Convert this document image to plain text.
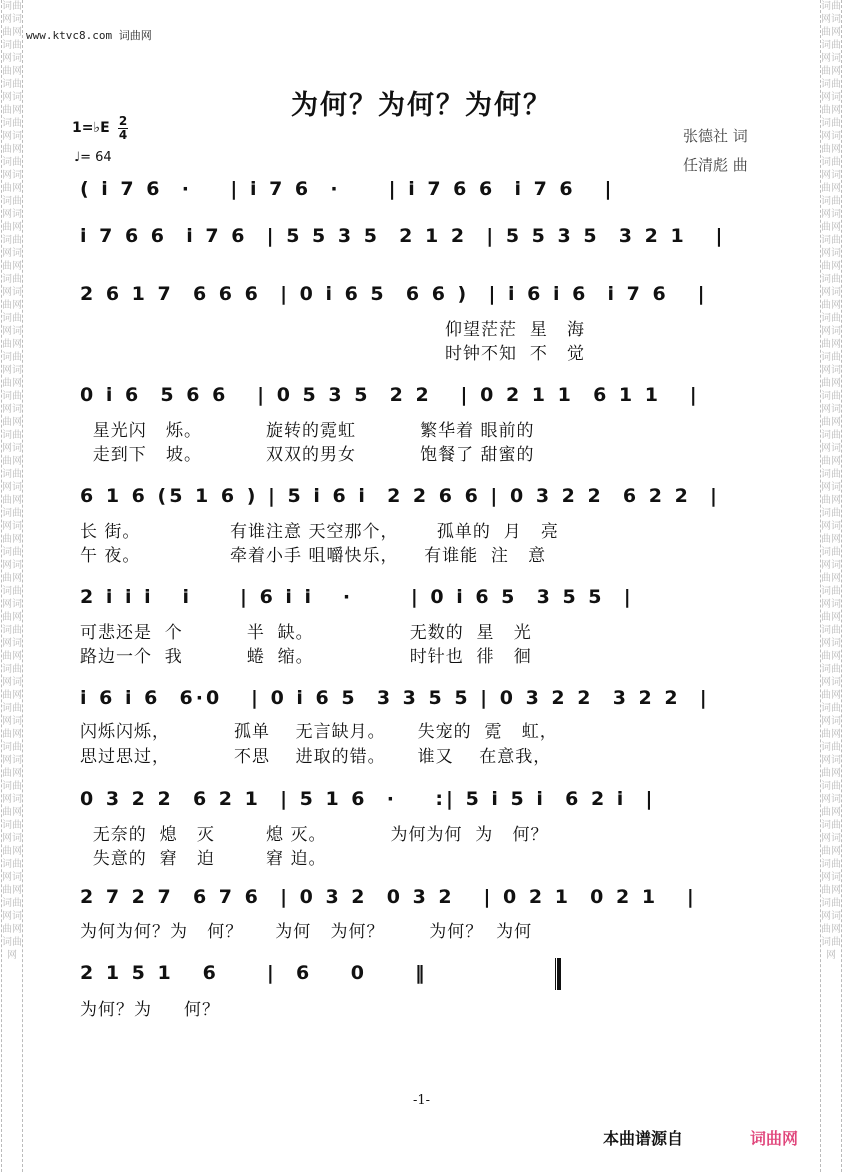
词曲网词曲网词曲网词曲网词曲网词曲网词曲网词曲网词曲网词曲网词曲网词曲网词曲网词曲网词曲网词曲网词曲网词曲网词曲网词曲网词曲网词曲网词曲网词曲网词曲网词曲网词曲网词曲网词曲网词曲网词曲网词曲网词曲网词曲网词曲网词曲网词曲网词曲网词曲网词曲网词曲网词曲网词曲网词曲网词曲网词曲网词曲网词曲网词曲网
词曲网词曲网词曲网词曲网词曲网词曲网词曲网词曲网词曲网词曲网词曲网词曲网词曲网词曲网词曲网词曲网词曲网词曲网词曲网词曲网词曲网词曲网词曲网词曲网词曲网词曲网词曲网词曲网词曲网词曲网词曲网词曲网词曲网词曲网词曲网词曲网词曲网词曲网词曲网词曲网词曲网词曲网词曲网词曲网词曲网词曲网词曲网词曲网词曲网
www.ktvc8.com 词曲网
为何？为何？为何？
张德社 词
任清彪 曲
1=♭E 2
4
♩= 64
( i 7 6  ·    | i 7 6  ·     | i 7 6 6  i 7 6   |
i 7 6 6  i 7 6  | 5 5 3 5  2 1 2  | 5 5 3 5  3 2 1   |
2 6 1 7  6 6 6  | 0 i 6 5  6 6 )  | i 6 i 6  i 7 6   |
仰望茫茫  星   海
时钟不知  不   觉
0 i 6  5 6 6   | 0 5 3 5  2 2   | 0 2 1 1  6 1 1   |
星光闪   烁。          旋转的霓虹          繁华着 眼前的
走到下   坡。          双双的男女          饱餐了 甜蜜的
6 1 6 (5 1 6 ) | 5 i 6 i  2 2 6 6 | 0 3 2 2  6 2 2  |
长 街。              有谁注意 天空那个，      孤单的  月   亮
午 夜。              牵着小手 咀嚼快乐，    有谁能  注   意
2 i i i   i     | 6 i i   ·      | 0 i 6 5  3 5 5  |
可悲还是  个          半  缺。               无数的  星   光
路边一个  我          蜷  缩。               时针也  徘   徊
i 6 i 6  6·0   | 0 i 6 5  3 3 5 5 | 0 3 2 2  3 2 2  |
闪烁闪烁，          孤单    无言缺月。     失宠的  霓   虹，
思过思过，          不思    进取的错。     谁又    在意我，
0 3 2 2  6 2 1  | 5 1 6  ·    :| 5 i 5 i  6 2 i  |
无奈的  熄   灭        熄 灭。          为何为何  为   何？
失意的  窘   迫        窘 迫。
2 7 2 7  6 7 6  | 0 3 2  0 3 2   | 0 2 1  0 2 1   |
为何为何？为   何？     为何   为何？       为何？  为何
2 1 5 1   6     |  6    0     ‖
为何？为     何？
-1-
本曲谱源自	词曲网
